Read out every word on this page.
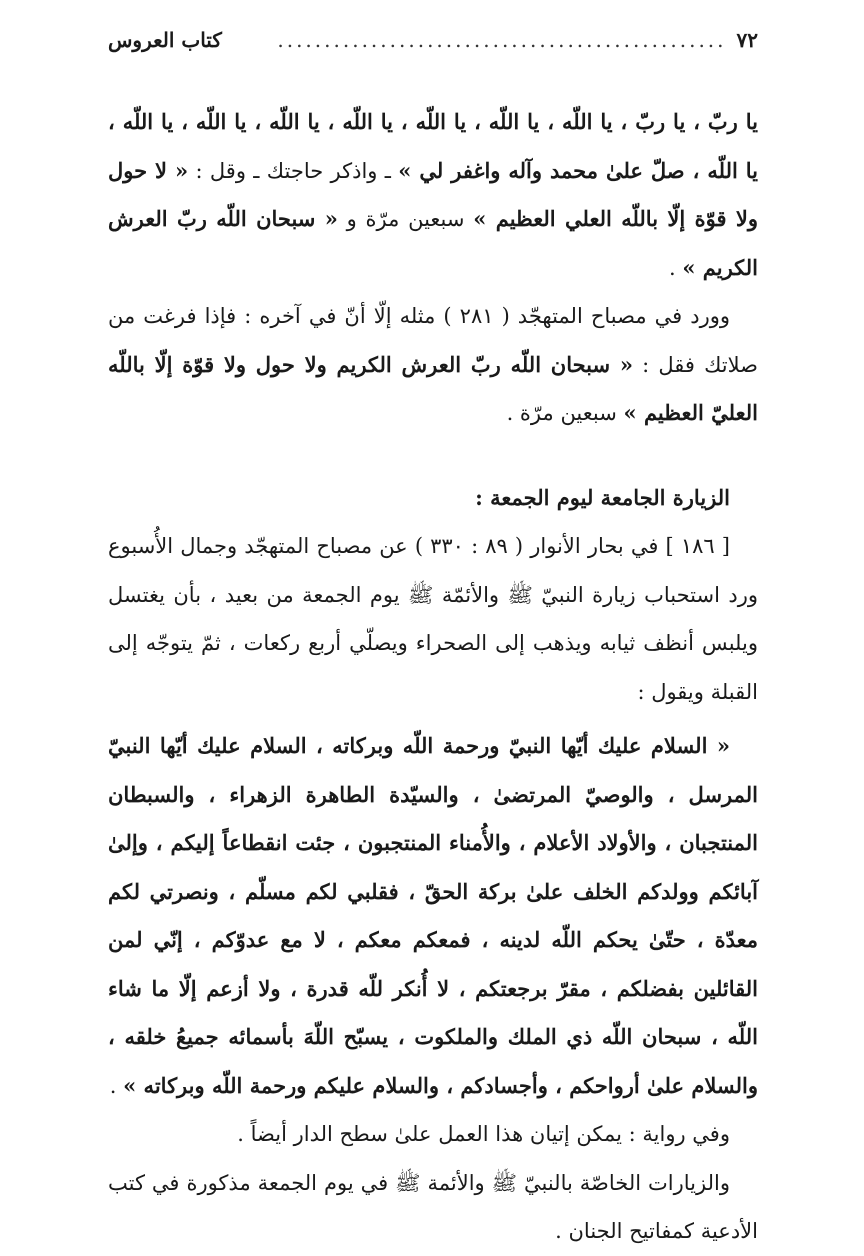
٧٢
................................................
كتاب العروس

يا ربّ ، يا ربّ ، يا اللّه ، يا اللّه ، يا اللّه ، يا اللّه ، يا اللّه ، يا اللّه ، يا اللّه ، يا اللّه ، صلّ علىٰ محمد وآله واغفر لي » ـ واذكر حاجتك ـ وقل : « لا حول ولا قوّة إلّا باللّه العلي العظيم » سبعين مرّة و « سبحان اللّه ربّ العرش الكريم » .

وورد في مصباح المتهجّد ( ٢٨١ ) مثله إلّا أنّ في آخره : فإذا فرغت من صلاتك فقل : « سبحان اللّه ربّ العرش الكريم ولا حول ولا قوّة إلّا باللّه العليّ العظيم » سبعين مرّة .

الزيارة الجامعة ليوم الجمعة :

[ ١٨٦ ] في بحار الأنوار ( ٨٩ : ٣٣٠ ) عن مصباح المتهجّد وجمال الأُسبوع ورد استحباب زيارة النبيّ ﷺ والأئمّة ﷺ يوم الجمعة من بعيد ، بأن يغتسل ويلبس أنظف ثيابه ويذهب إلى الصحراء ويصلّي أربع ركعات ، ثمّ يتوجّه إلى القبلة ويقول :

« السلام عليك أيّها النبيّ ورحمة اللّه وبركاته ، السلام عليك أيّها النبيّ المرسل ، والوصيّ المرتضىٰ ، والسيّدة الطاهرة الزهراء ، والسبطان المنتجبان ، والأولاد الأعلام ، والأُمناء المنتجبون ، جئت انقطاعاً إليكم ، وإلىٰ آبائكم وولدكم الخلف علىٰ بركة الحقّ ، فقلبي لكم مسلّم ، ونصرتي لكم معدّة ، حتّىٰ يحكم اللّه لدينه ، فمعكم معكم ، لا مع عدوّكم ، إنّي لمن القائلين بفضلكم ، مقرّ برجعتكم ، لا أُنكر للّه قدرة ، ولا أزعم إلّا ما شاء اللّه ، سبحان اللّه ذي الملك والملكوت ، يسبّح اللّهَ بأسمائه جميعُ خلقه ، والسلام علىٰ أرواحكم ، وأجسادكم ، والسلام عليكم ورحمة اللّه وبركاته » .

وفي رواية : يمكن إتيان هذا العمل علىٰ سطح الدار أيضاً .

والزيارات الخاصّة بالنبيّ ﷺ والأئمة ﷺ في يوم الجمعة مذكورة في كتب الأدعية كمفاتيح الجنان .
